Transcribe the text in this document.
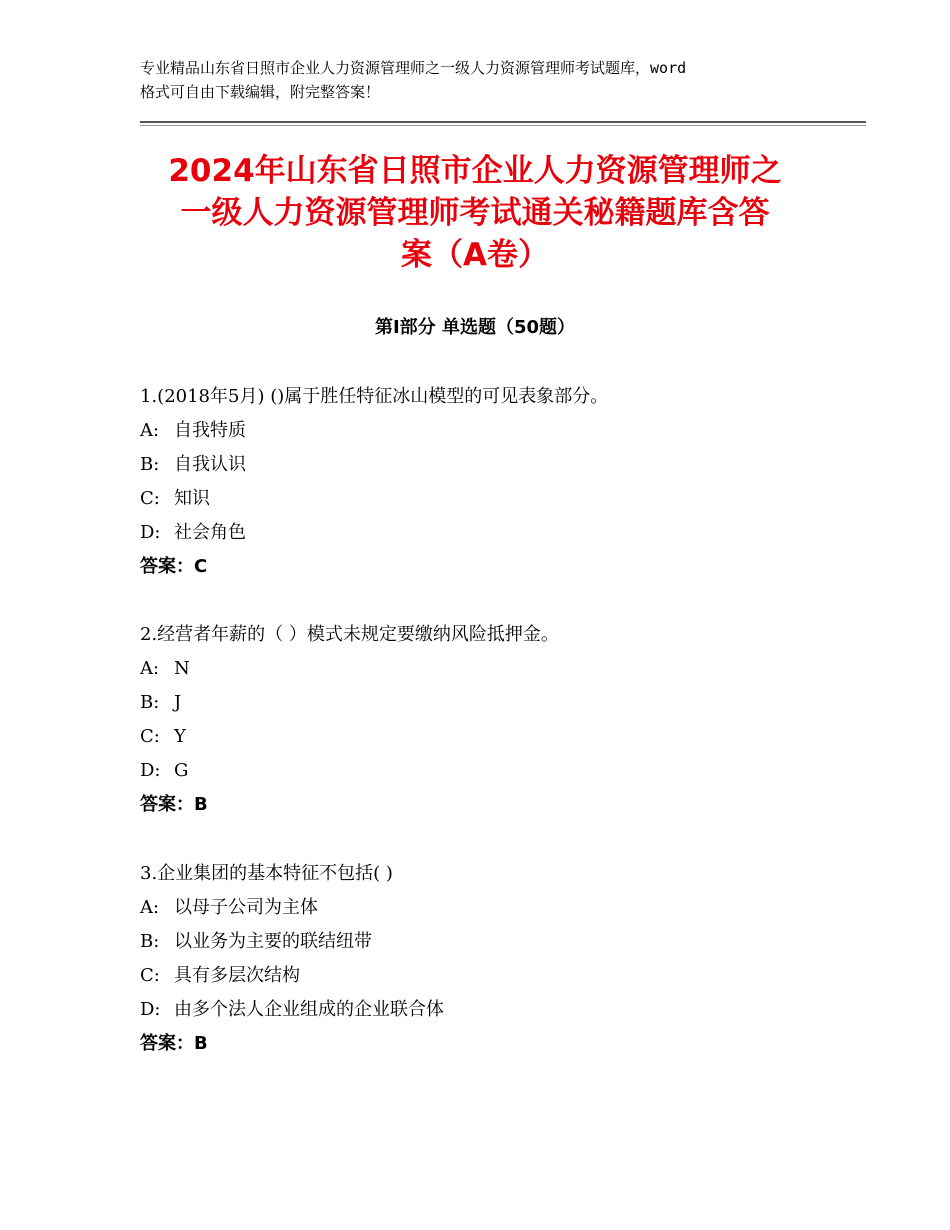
专业精品山东省日照市企业人力资源管理师之一级人力资源管理师考试题库，word
格式可自由下载编辑，附完整答案！
2024年山东省日照市企业人力资源管理师之
一级人力资源管理师考试通关秘籍题库含答
案（A卷）
第Ⅰ部分 单选题（50题）
1.(2018年5月) ()属于胜任特征冰山模型的可见表象部分。
A: 自我特质
B: 自我认识
C: 知识
D: 社会角色
答案：C
2.经营者年薪的（ ）模式未规定要缴纳风险抵押金。
A: N
B: J
C: Y
D: G
答案：B
3.企业集团的基本特征不包括( )
A: 以母子公司为主体
B: 以业务为主要的联结纽带
C: 具有多层次结构
D: 由多个法人企业组成的企业联合体
答案：B
